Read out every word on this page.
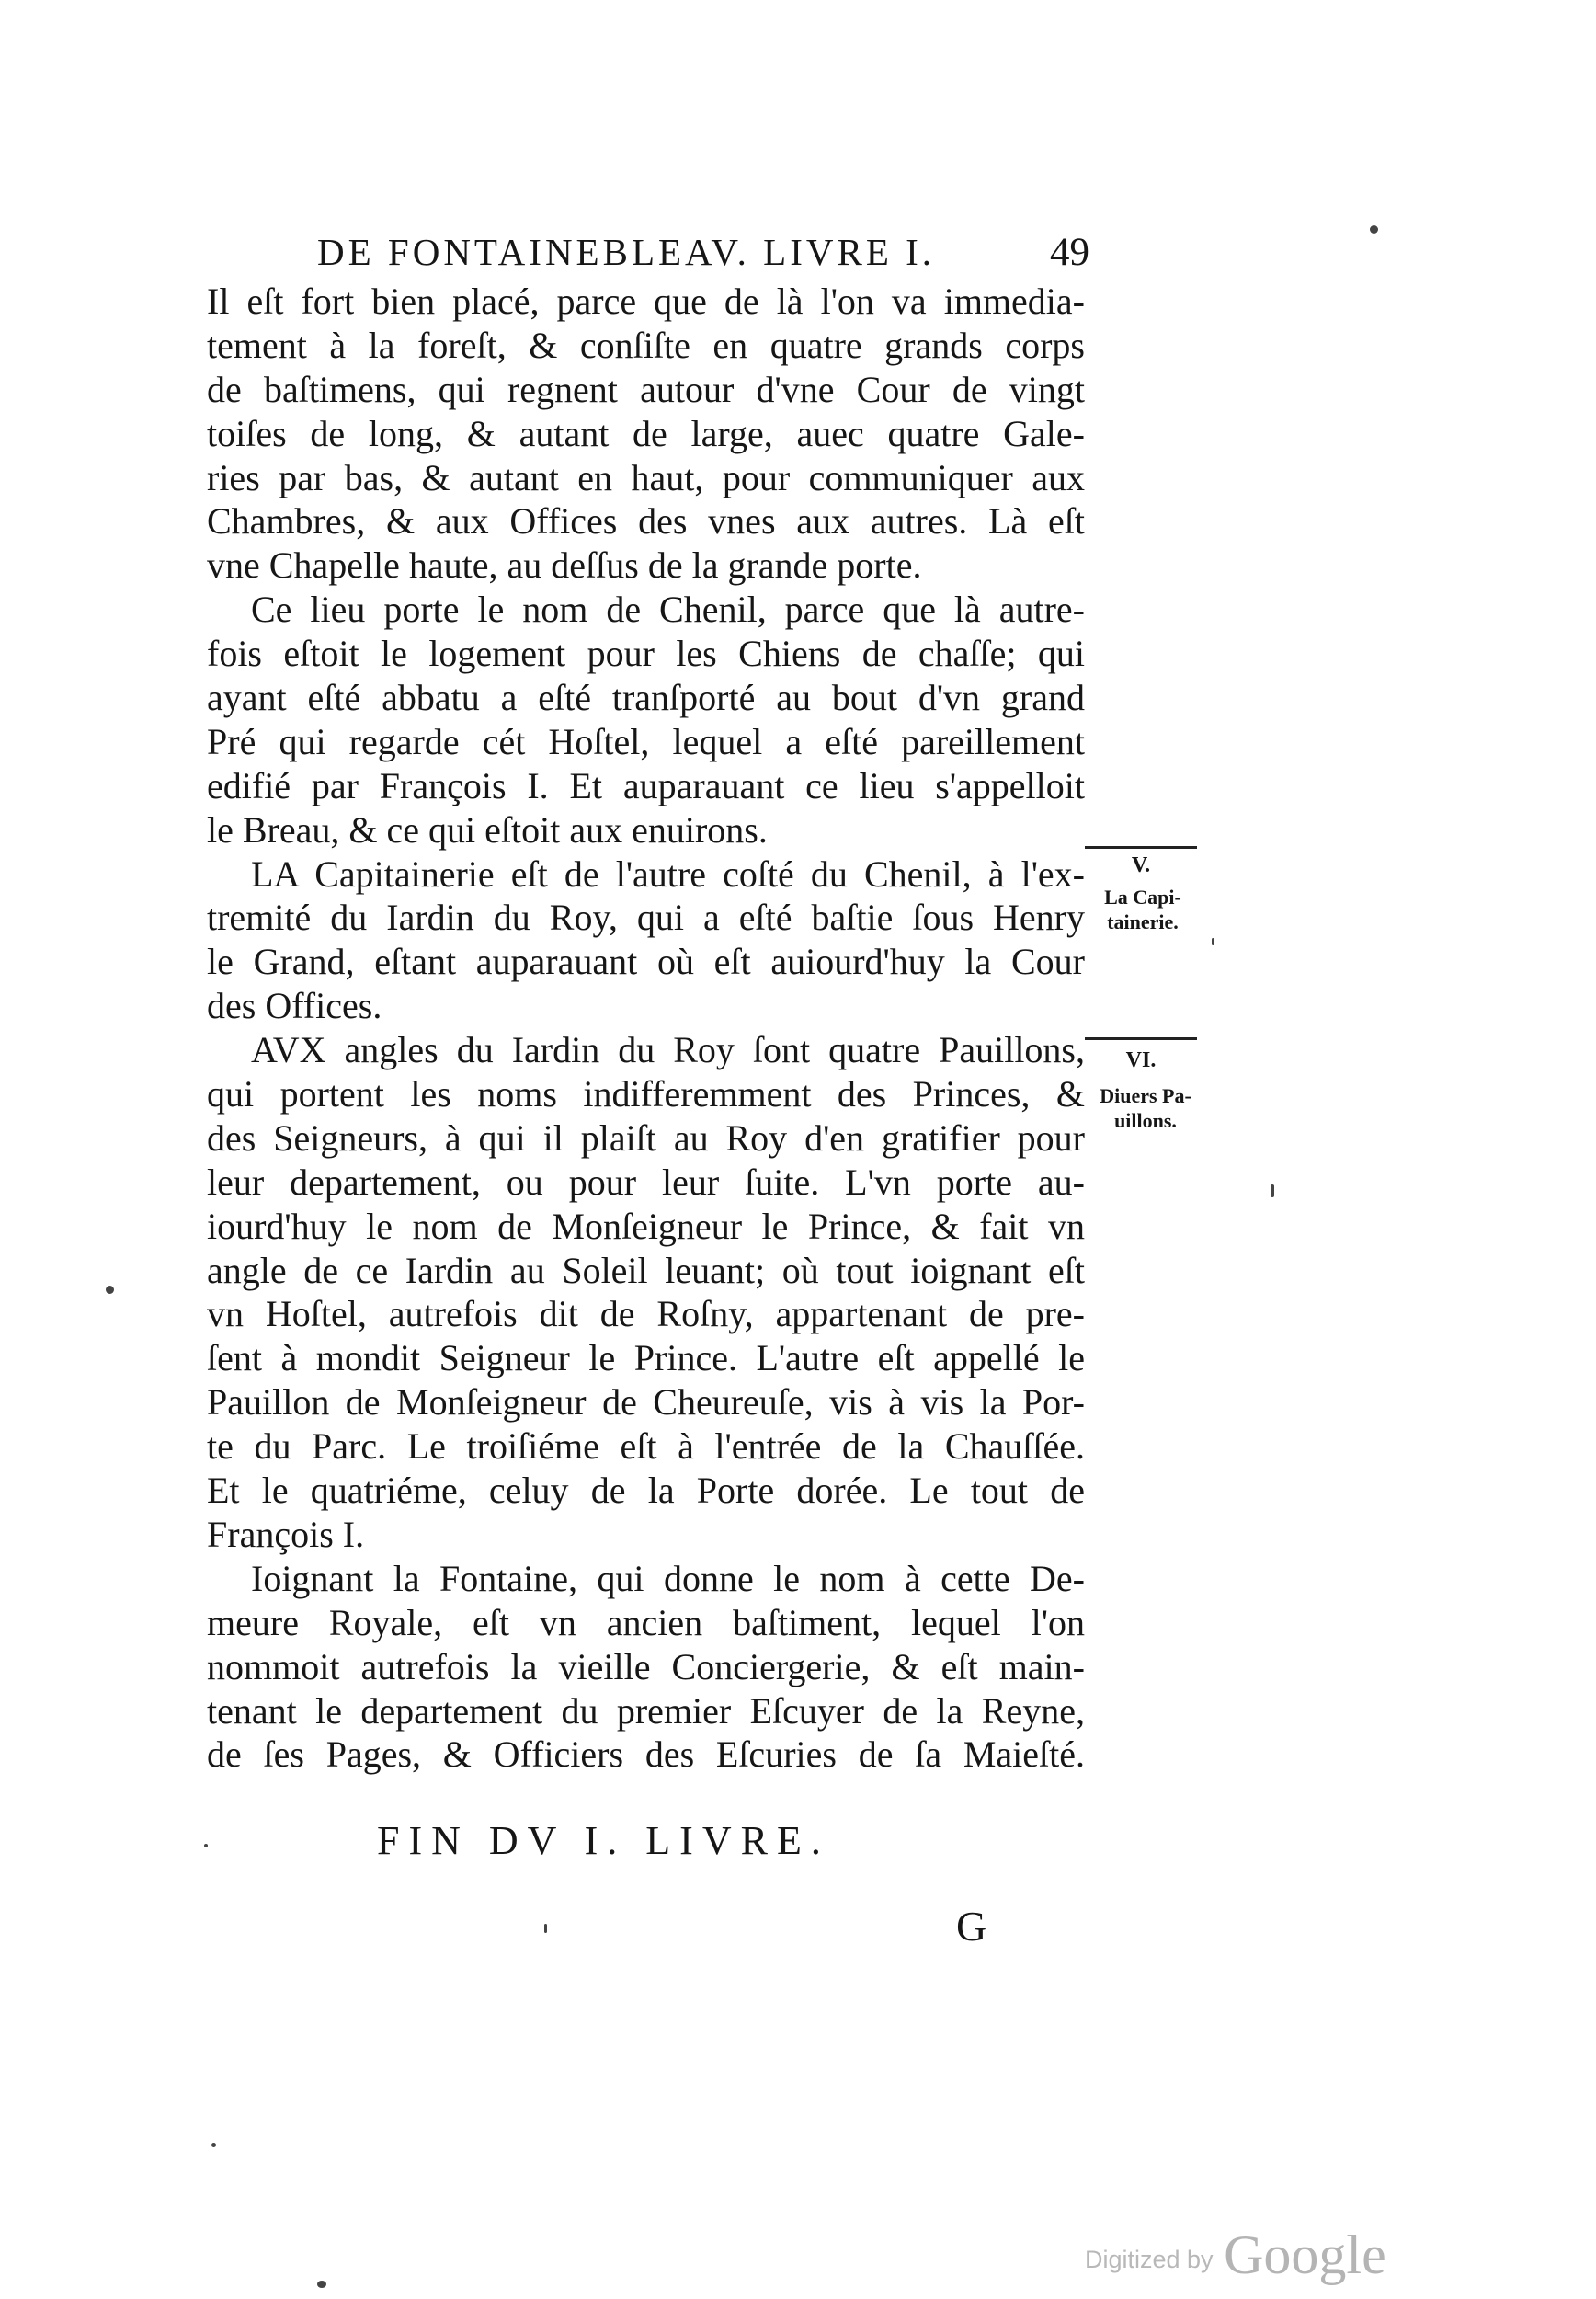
DE FONTAINEBLEAV. LIVRE I.	49
Il eſt fort bien placé, parce que de là l'on va immedia-
tement à la foreſt, & conſiſte en quatre grands corps
de baſtimens, qui regnent autour d'vne Cour de vingt
toiſes de long, & autant de large, auec quatre Gale-
ries par bas, & autant en haut, pour communiquer aux
Chambres, & aux Offices des vnes aux autres. Là eſt
vne Chapelle haute, au deſſus de la grande porte.
Ce lieu porte le nom de Chenil, parce que là autre-
fois eſtoit le logement pour les Chiens de chaſſe; qui
ayant eſté abbatu a eſté tranſporté au bout d'vn grand
Pré qui regarde cét Hoſtel, lequel a eſté pareillement
edifié par François I. Et auparauant ce lieu s'appelloit
le Breau, & ce qui eſtoit aux enuirons.
LA Capitainerie eſt de l'autre coſté du Chenil, à l'ex-
tremité du Iardin du Roy, qui a eſté baſtie ſous Henry
le Grand, eſtant auparauant où eſt auiourd'huy la Cour
des Offices.
AVX angles du Iardin du Roy ſont quatre Pauillons,
qui portent les noms indifferemment des Princes, &
des Seigneurs, à qui il plaiſt au Roy d'en gratifier pour
leur departement, ou pour leur ſuite. L'vn porte au-
iourd'huy le nom de Monſeigneur le Prince, & fait vn
angle de ce Iardin au Soleil leuant; où tout ioignant eſt
vn Hoſtel, autrefois dit de Roſny, appartenant de pre-
ſent à mondit Seigneur le Prince. L'autre eſt appellé le
Pauillon de Monſeigneur de Cheureuſe, vis à vis la Por-
te du Parc. Le troiſiéme eſt à l'entrée de la Chauſſée.
Et le quatriéme, celuy de la Porte dorée. Le tout de
François I.
Ioignant la Fontaine, qui donne le nom à cette De-
meure Royale, eſt vn ancien baſtiment, lequel l'on
nommoit autrefois la vieille Conciergerie, & eſt main-
tenant le departement du premier Eſcuyer de la Reyne,
de ſes Pages, & Officiers des Eſcuries de ſa Maieſté.
V.
La Capi-
tainerie.
VI.
Diuers Pa-
uillons.
FIN DV I. LIVRE.
G
Digitized by Google
